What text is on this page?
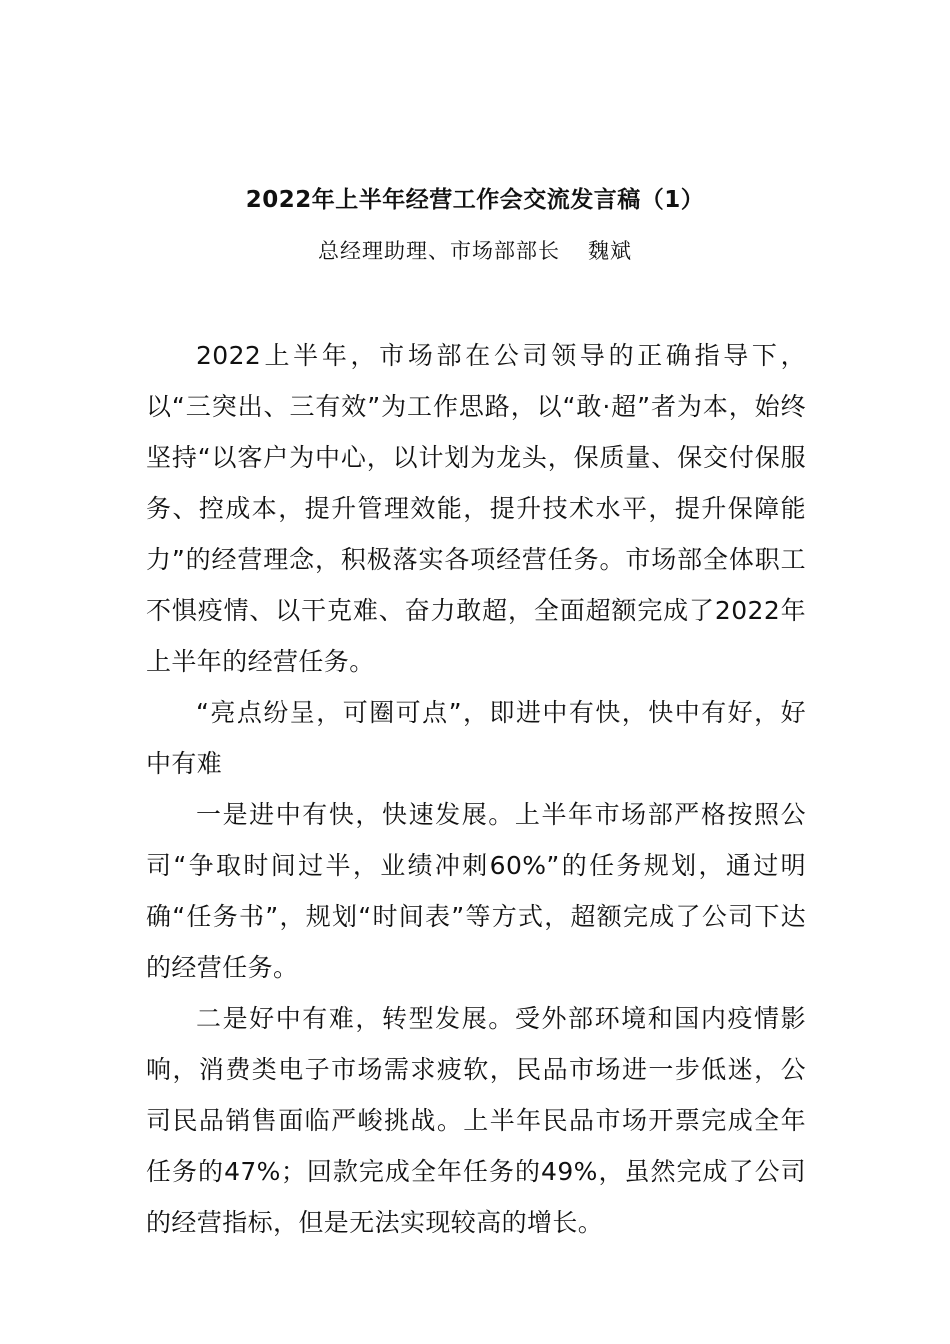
2022年上半年经营工作会交流发言稿（1）
总经理助理、市场部部长 魏斌

2022上半年，市场部在公司领导的正确指导下，以“三突出、三有效”为工作思路，以“敢·超”者为本，始终坚持“以客户为中心，以计划为龙头，保质量、保交付保服务、控成本，提升管理效能，提升技术水平，提升保障能力”的经营理念，积极落实各项经营任务。市场部全体职工不惧疫情、以干克难、奋力敢超，全面超额完成了2022年上半年的经营任务。

“亮点纷呈，可圈可点”，即进中有快，快中有好，好中有难

一是进中有快，快速发展。上半年市场部严格按照公司“争取时间过半，业绩冲刺60%”的任务规划，通过明确“任务书”，规划“时间表”等方式，超额完成了公司下达的经营任务。

二是好中有难，转型发展。受外部环境和国内疫情影响，消费类电子市场需求疲软，民品市场进一步低迷，公司民品销售面临严峻挑战。上半年民品市场开票完成全年任务的47%；回款完成全年任务的49%，虽然完成了公司的经营指标，但是无法实现较高的增长。
